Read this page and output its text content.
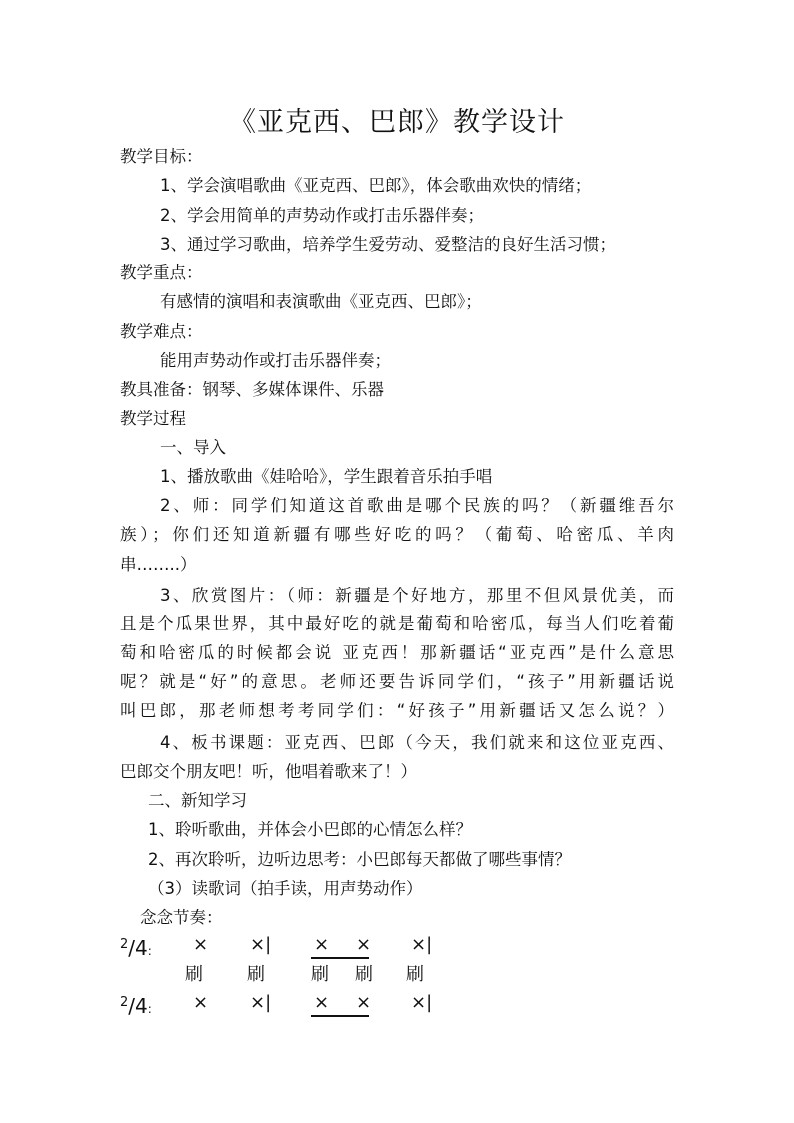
《亚克西、巴郎》教学设计
教学目标：
1、学会演唱歌曲《亚克西、巴郎》，体会歌曲欢快的情绪；
2、学会用简单的声势动作或打击乐器伴奏；
3、通过学习歌曲，培养学生爱劳动、爱整洁的良好生活习惯；
教学重点：
有感情的演唱和表演歌曲《亚克西、巴郎》；
教学难点：
能用声势动作或打击乐器伴奏；
教具准备：钢琴、多媒体课件、乐器
教学过程
一、导入
1、播放歌曲《娃哈哈》，学生跟着音乐拍手唱
2、师：同学们知道这首歌曲是哪个民族的吗？（新疆维吾尔
族）；你们还知道新疆有哪些好吃的吗？（葡萄、哈密瓜、羊肉
串……..）
3、欣赏图片：（师：新疆是个好地方，那里不但风景优美，而
且是个瓜果世界，其中最好吃的就是葡萄和哈密瓜，每当人们吃着葡
萄和哈密瓜的时候都会说 亚克西！那新疆话“亚克西”是什么意思
呢？就是“好”的意思。老师还要告诉同学们，“孩子”用新疆话说
叫巴郎，那老师想考考同学们：“好孩子”用新疆话又怎么说？）
4、板书课题：亚克西、巴郎（今天，我们就来和这位亚克西、
巴郎交个朋友吧！听，他唱着歌来了！）
二、新知学习
1、聆听歌曲，并体会小巴郎的心情怎么样？
2、再次聆听，边听边思考：小巴郎每天都做了哪些事情？
（3）读歌词（拍手读，用声势动作）
念念节奏：
$^2$/4: × ×| × × ×|
刷 刷	刷 刷 刷
$^2$/4: × ×| × × ×|
